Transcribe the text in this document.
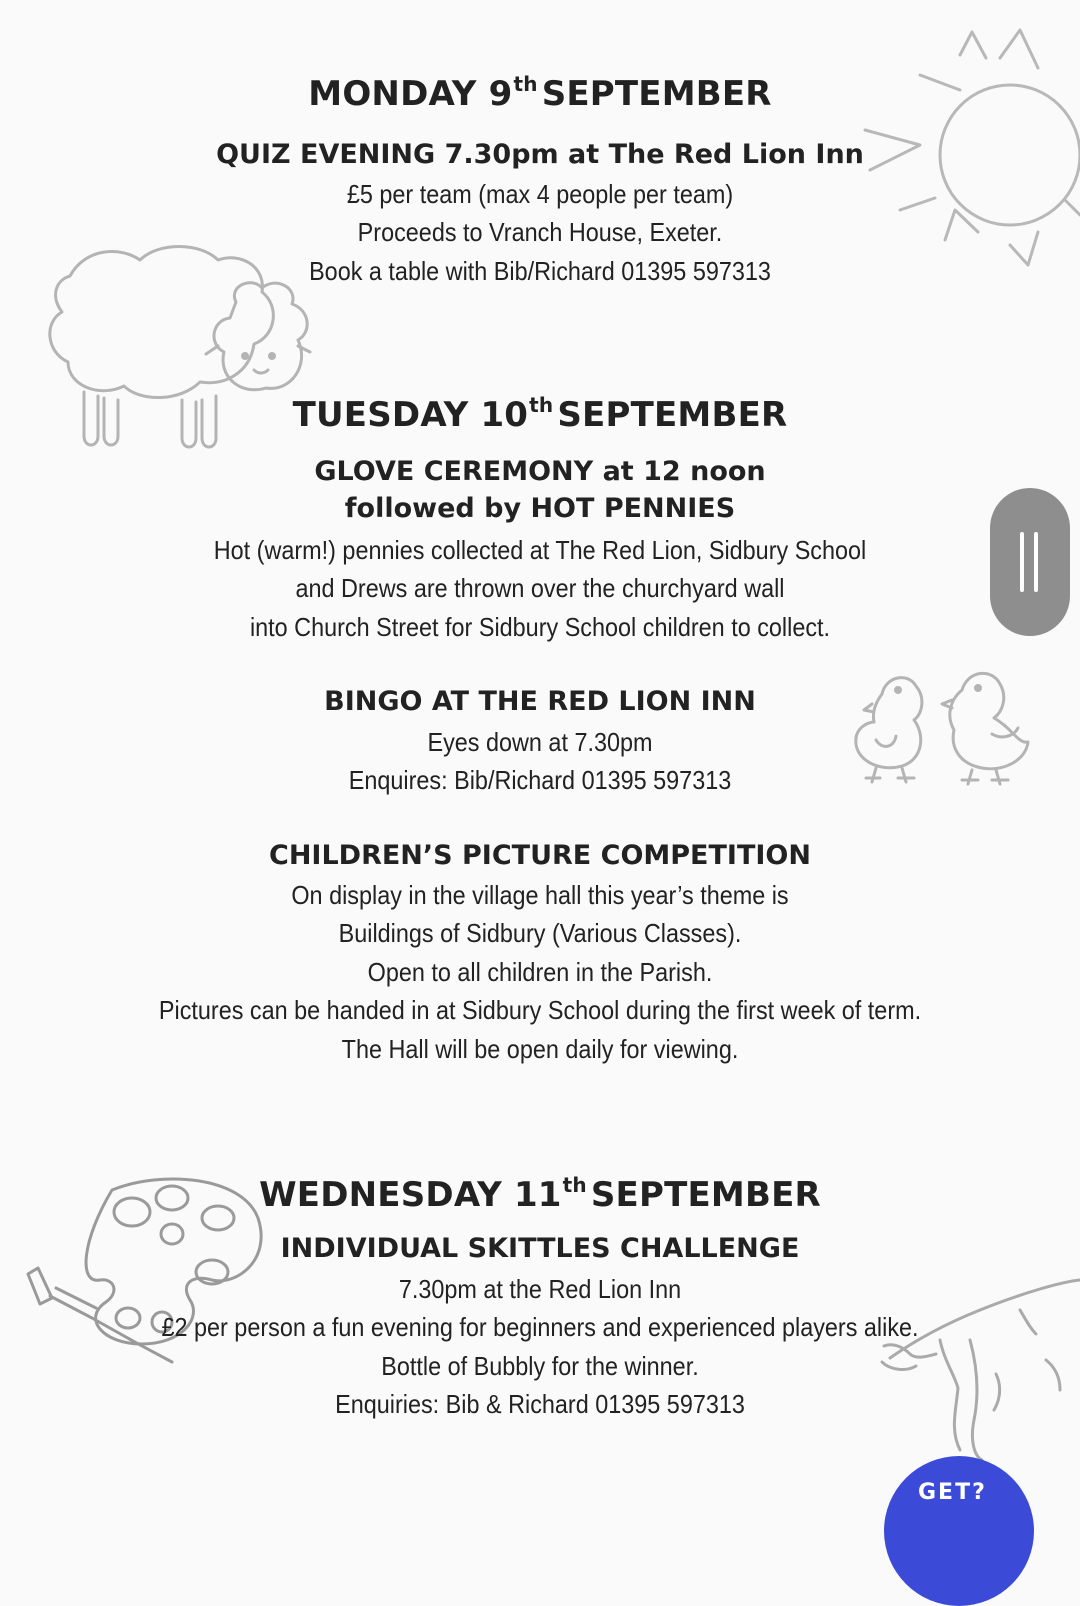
MONDAY 9th SEPTEMBER
QUIZ EVENING 7.30pm at The Red Lion Inn
£5 per team (max 4 people per team)
Proceeds to Vranch House, Exeter.
Book a table with Bib/Richard 01395 597313
TUESDAY 10th SEPTEMBER
GLOVE CEREMONY at 12 noon
followed by HOT PENNIES
Hot (warm!) pennies collected at The Red Lion, Sidbury School
and Drews are thrown over the churchyard wall
into Church Street for Sidbury School children to collect.
BINGO AT THE RED LION INN
Eyes down at 7.30pm
Enquires: Bib/Richard 01395 597313
CHILDREN’S PICTURE COMPETITION
On display in the village hall this year’s theme is
Buildings of Sidbury (Various Classes).
Open to all children in the Parish.
Pictures can be handed in at Sidbury School during the first week of term.
The Hall will be open daily for viewing.
WEDNESDAY 11th SEPTEMBER
INDIVIDUAL SKITTLES CHALLENGE
7.30pm at the Red Lion Inn
£2 per person a fun evening for beginners and experienced players alike.
Bottle of Bubbly for the winner.
Enquiries: Bib & Richard 01395 597313
GET?
